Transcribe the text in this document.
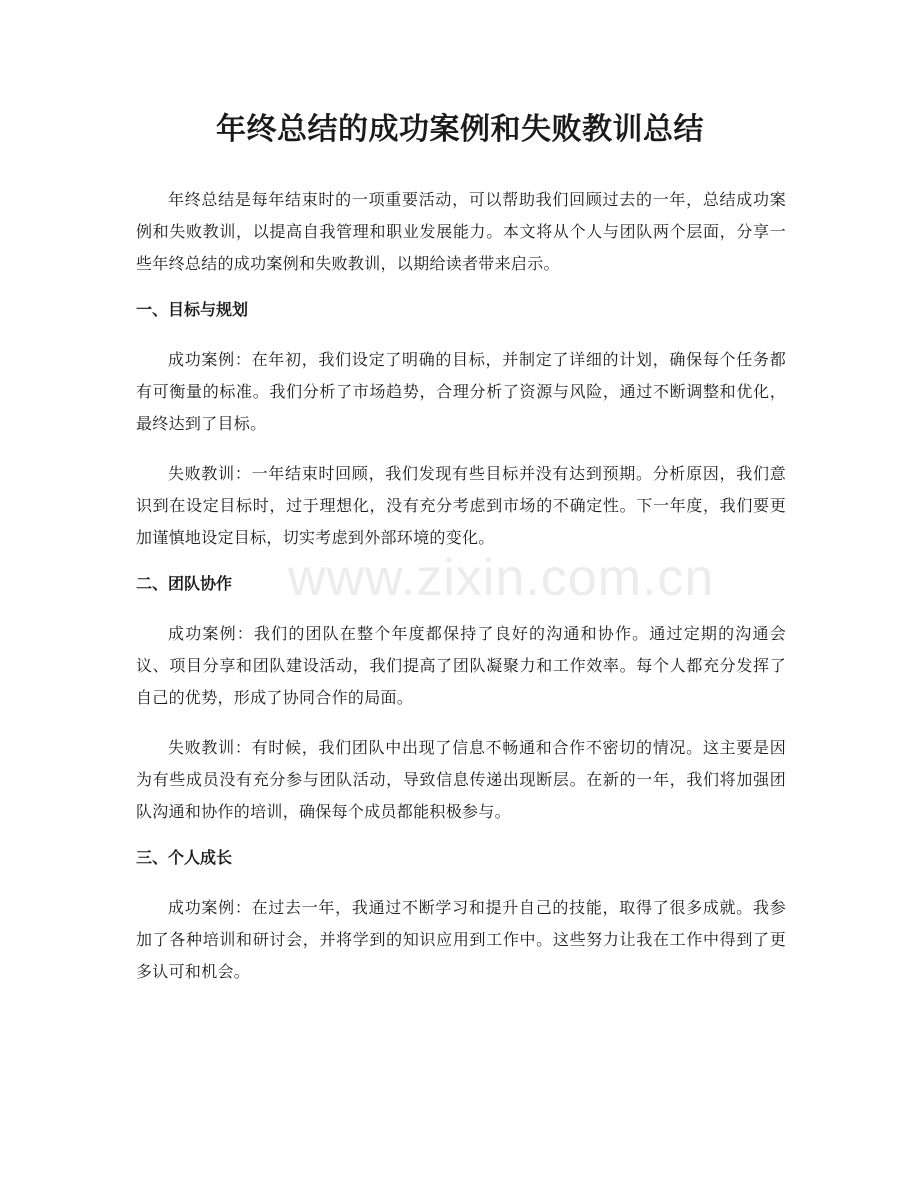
年终总结的成功案例和失败教训总结

年终总结是每年结束时的一项重要活动，可以帮助我们回顾过去的一年，总结成功案例和失败教训，以提高自我管理和职业发展能力。本文将从个人与团队两个层面，分享一些年终总结的成功案例和失败教训，以期给读者带来启示。

一、目标与规划

成功案例：在年初，我们设定了明确的目标，并制定了详细的计划，确保每个任务都有可衡量的标准。我们分析了市场趋势，合理分析了资源与风险，通过不断调整和优化，最终达到了目标。

失败教训：一年结束时回顾，我们发现有些目标并没有达到预期。分析原因，我们意识到在设定目标时，过于理想化，没有充分考虑到市场的不确定性。下一年度，我们要更加谨慎地设定目标，切实考虑到外部环境的变化。

二、团队协作

成功案例：我们的团队在整个年度都保持了良好的沟通和协作。通过定期的沟通会议、项目分享和团队建设活动，我们提高了团队凝聚力和工作效率。每个人都充分发挥了自己的优势，形成了协同合作的局面。

失败教训：有时候，我们团队中出现了信息不畅通和合作不密切的情况。这主要是因为有些成员没有充分参与团队活动，导致信息传递出现断层。在新的一年，我们将加强团队沟通和协作的培训，确保每个成员都能积极参与。

三、个人成长

成功案例：在过去一年，我通过不断学习和提升自己的技能，取得了很多成就。我参加了各种培训和研讨会，并将学到的知识应用到工作中。这些努力让我在工作中得到了更多认可和机会。

www.zixin.com.cn
